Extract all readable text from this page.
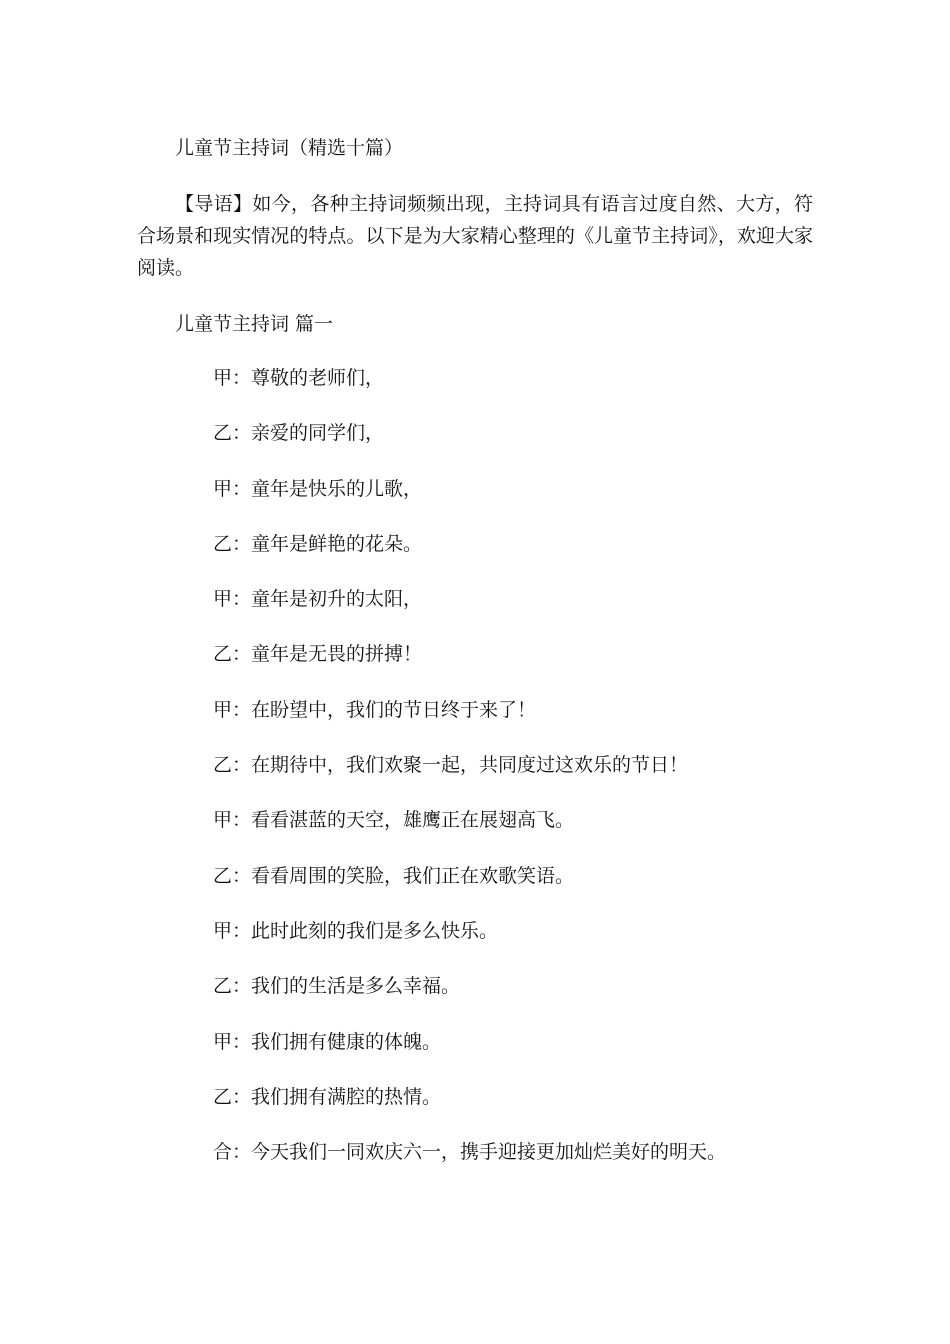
儿童节主持词（精选十篇）

【导语】如今，各种主持词频频出现，主持词具有语言过度自然、大方，符合场景和现实情况的特点。以下是为大家精心整理的《儿童节主持词》，欢迎大家阅读。

儿童节主持词 篇一
甲：尊敬的老师们，
乙：亲爱的同学们，
甲：童年是快乐的儿歌，
乙：童年是鲜艳的花朵。
甲：童年是初升的太阳，
乙：童年是无畏的拼搏！
甲：在盼望中，我们的节日终于来了！
乙：在期待中，我们欢聚一起，共同度过这欢乐的节日！
甲：看看湛蓝的天空，雄鹰正在展翅高飞。
乙：看看周围的笑脸，我们正在欢歌笑语。
甲：此时此刻的我们是多么快乐。
乙：我们的生活是多么幸福。
甲：我们拥有健康的体魄。
乙：我们拥有满腔的热情。
合：今天我们一同欢庆六一，携手迎接更加灿烂美好的明天。
